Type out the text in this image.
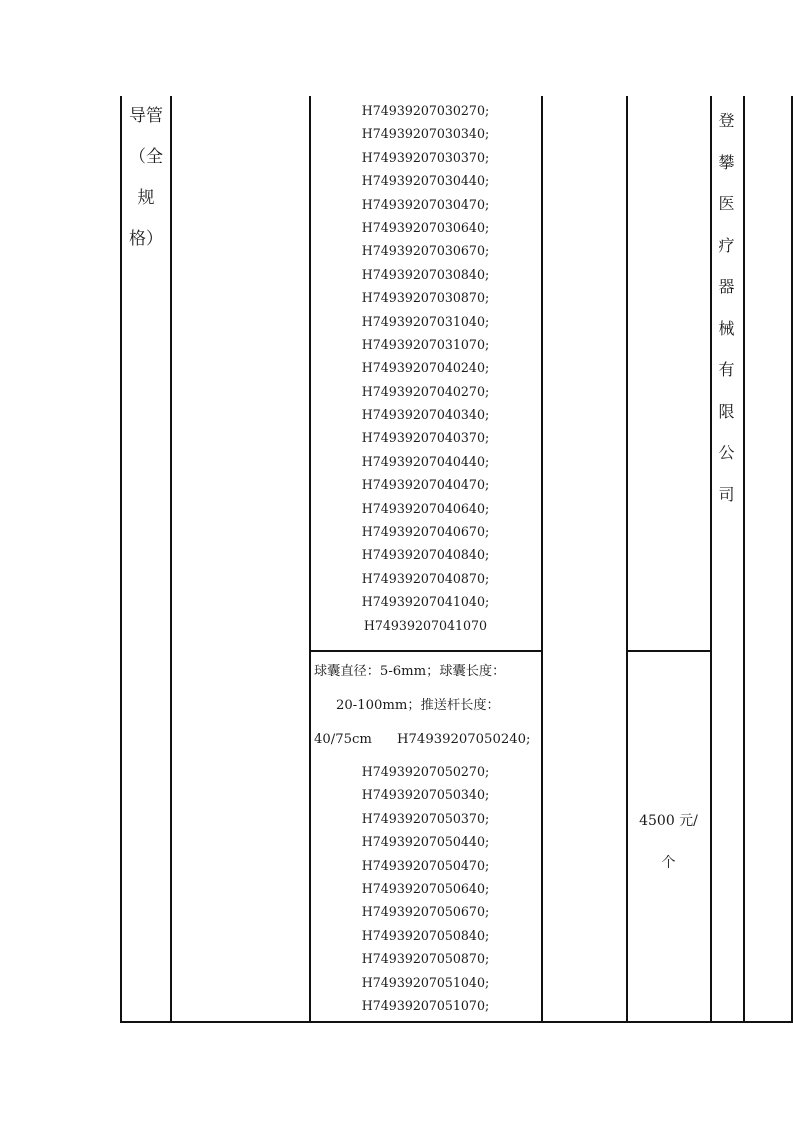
导管
（全
规
格）
H74939207030270;
H74939207030340;
H74939207030370;
H74939207030440;
H74939207030470;
H74939207030640;
H74939207030670;
H74939207030840;
H74939207030870;
H74939207031040;
H74939207031070;
H74939207040240;
H74939207040270;
H74939207040340;
H74939207040370;
H74939207040440;
H74939207040470;
H74939207040640;
H74939207040670;
H74939207040840;
H74939207040870;
H74939207041040;
H74939207041070
球囊直径：5-6mm；球囊长度：
20-100mm；推送杆长度：
40/75cm      H74939207050240;
H74939207050270;
H74939207050340;
H74939207050370;
H74939207050440;
H74939207050470;
H74939207050640;
H74939207050670;
H74939207050840;
H74939207050870;
H74939207051040;
H74939207051070;
4500 元/
个
登
攀
医
疗
器
械
有
限
公
司
